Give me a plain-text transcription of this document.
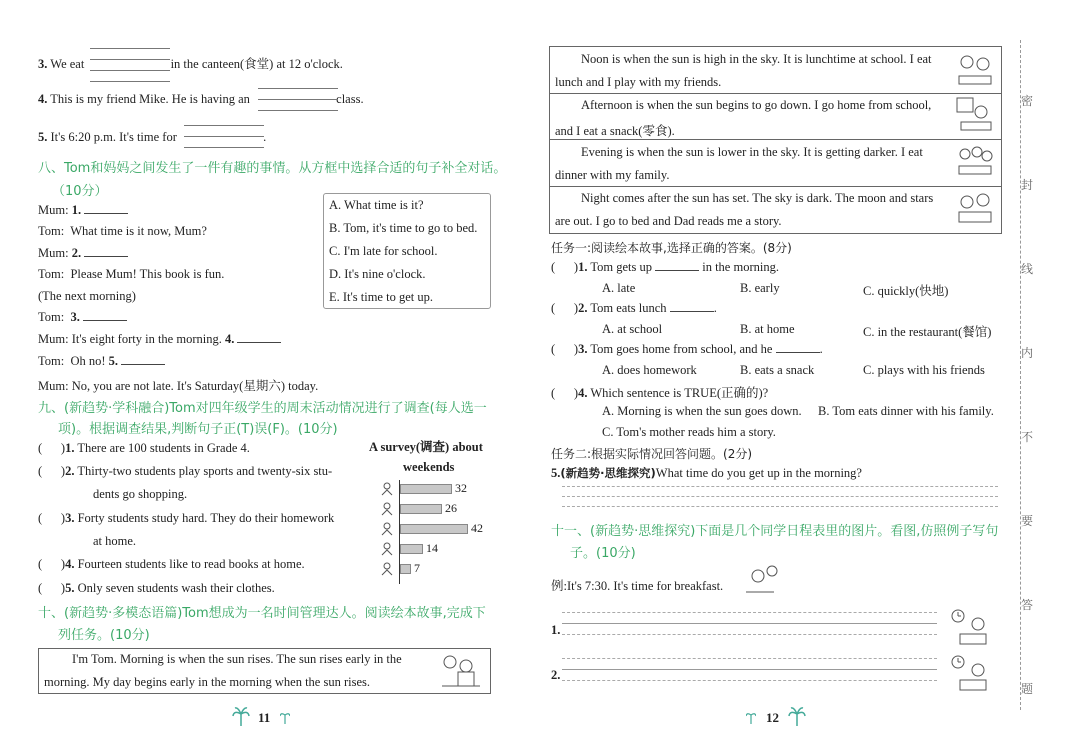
3. We eat	in the canteen(食堂) at 12 o'clock.
4. This is my friend Mike. He is having an	class.
5. It's 6:20 p.m. It's time for	.
八、Tom和妈妈之间发生了一件有趣的事情。从方框中选择合适的句子补全对话。
（10分）
Mum: 1.
Tom: What time is it now, Mum?
Mum: 2.
Tom: Please Mum! This book is fun.
(The next morning)
Tom: 3.
Mum: It's eight forty in the morning. 4.
Tom: Oh no! 5.
Mum: No, you are not late. It's Saturday(星期六) today.
A. What time is it?
B. Tom, it's time to go to bed.
C. I'm late for school.
D. It's nine o'clock.
E. It's time to get up.
九、(新趋势·学科融合)Tom对四年级学生的周末活动情况进行了调查(每人选一
项)。根据调查结果,判断句子正(T)误(F)。(10分)
(      )1. There are 100 students in Grade 4.
(      )2. Thirty-two students play sports and twenty-six stu-
dents go shopping.
(      )3. Forty students study hard. They do their homework
at home.
(      )4. Fourteen students like to read books at home.
(      )5. Only seven students wash their clothes.
A survey(调查) about
weekends
32
26
42
14
7
十、(新趋势·多模态语篇)Tom想成为一名时间管理达人。阅读绘本故事,完成下
列任务。(10分)
I'm Tom. Morning is when the sun rises. The sun rises early in the
morning. My day begins early in the morning when the sun rises.
11
Noon is when the sun is high in the sky. It is lunchtime at school. I eat
lunch and I play with my friends.
Afternoon is when the sun begins to go down. I go home from school,
and I eat a snack(零食).
Evening is when the sun is lower in the sky. It is getting darker. I eat
dinner with my family.
Night comes after the sun has set. The sky is dark. The moon and stars
are out. I go to bed and Dad reads me a story.
任务一:阅读绘本故事,选择正确的答案。(8分)
(      )1. Tom gets up	in the morning.
A. late	B. early	C. quickly(快地)
(      )2. Tom eats lunch	.
A. at school	B. at home	C. in the restaurant(餐馆)
(      )3. Tom goes home from school, and he	.
A. does homework	B. eats a snack	C. plays with his friends
(      )4. Which sentence is TRUE(正确的)?
A. Morning is when the sun goes down. B. Tom eats dinner with his family.
C. Tom's mother reads him a story.
任务二:根据实际情况回答问题。(2分)
5.(新趋势·思维探究)What time do you get up in the morning?
十一、(新趋势·思维探究)下面是几个同学日程表里的图片。看图,仿照例子写句
子。(10分)
例:It's 7:30. It's time for breakfast.
1.
2.
12
密
封
线
内
不
要
答
题
